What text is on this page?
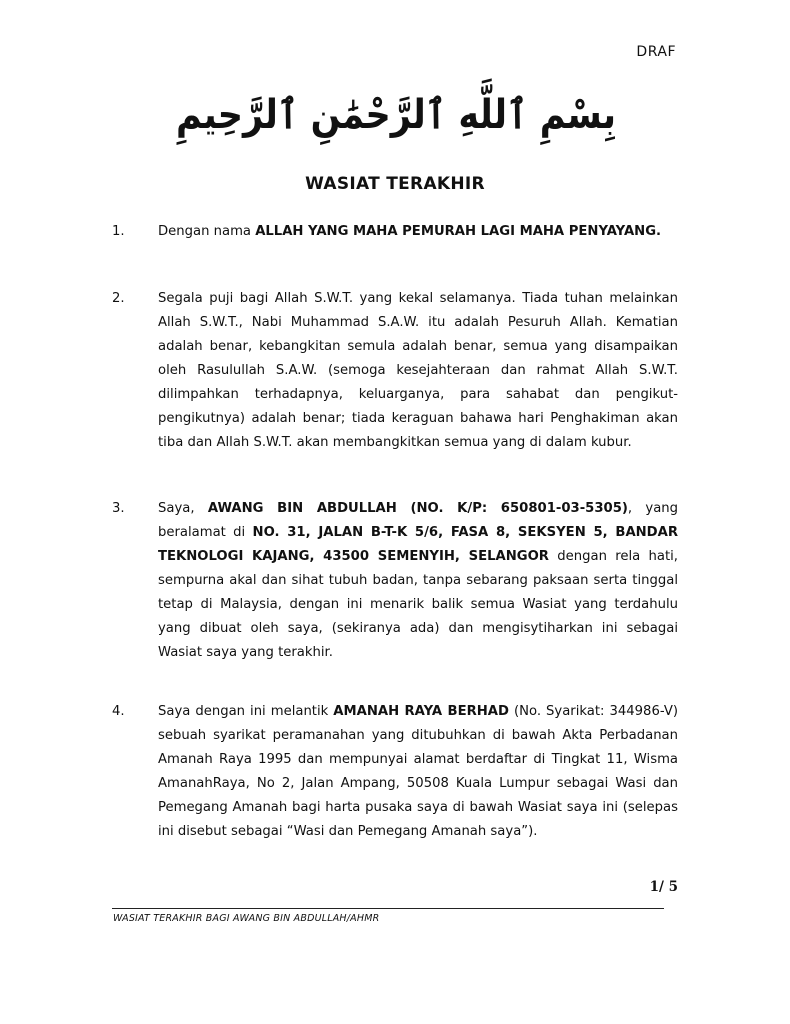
DRAF
بِسْمِ ٱللَّهِ ٱلرَّحْمَٰنِ ٱلرَّحِيمِ
WASIAT TERAKHIR
1.	Dengan nama ALLAH YANG MAHA PEMURAH LAGI MAHA PENYAYANG.
2.	Segala puji bagi Allah S.W.T. yang kekal selamanya. Tiada tuhan melainkan Allah S.W.T., Nabi Muhammad S.A.W. itu adalah Pesuruh Allah. Kematian adalah benar, kebangkitan semula adalah benar, semua yang disampaikan oleh Rasulullah S.A.W. (semoga kesejahteraan dan rahmat Allah S.W.T. dilimpahkan terhadapnya, keluarganya, para sahabat dan pengikut-pengikutnya) adalah benar; tiada keraguan bahawa hari Penghakiman akan tiba dan Allah S.W.T. akan membangkitkan semua yang di dalam kubur.
3.	Saya, AWANG BIN ABDULLAH (NO. K/P: 650801-03-5305), yang beralamat di NO. 31, JALAN B-T-K 5/6, FASA 8, SEKSYEN 5, BANDAR TEKNOLOGI KAJANG, 43500 SEMENYIH, SELANGOR dengan rela hati, sempurna akal dan sihat tubuh badan, tanpa sebarang paksaan serta tinggal tetap di Malaysia, dengan ini menarik balik semua Wasiat yang terdahulu yang dibuat oleh saya, (sekiranya ada) dan mengisytiharkan ini sebagai Wasiat saya yang terakhir.
4.	Saya dengan ini melantik AMANAH RAYA BERHAD (No. Syarikat: 344986-V) sebuah syarikat peramanahan yang ditubuhkan di bawah Akta Perbadanan Amanah Raya 1995 dan mempunyai alamat berdaftar di Tingkat 11, Wisma AmanahRaya, No 2, Jalan Ampang, 50508 Kuala Lumpur sebagai Wasi dan Pemegang Amanah bagi harta pusaka saya di bawah Wasiat saya ini (selepas ini disebut sebagai “Wasi dan Pemegang Amanah saya”).
1/ 5
WASIAT TERAKHIR BAGI AWANG BIN ABDULLAH/AHMR
